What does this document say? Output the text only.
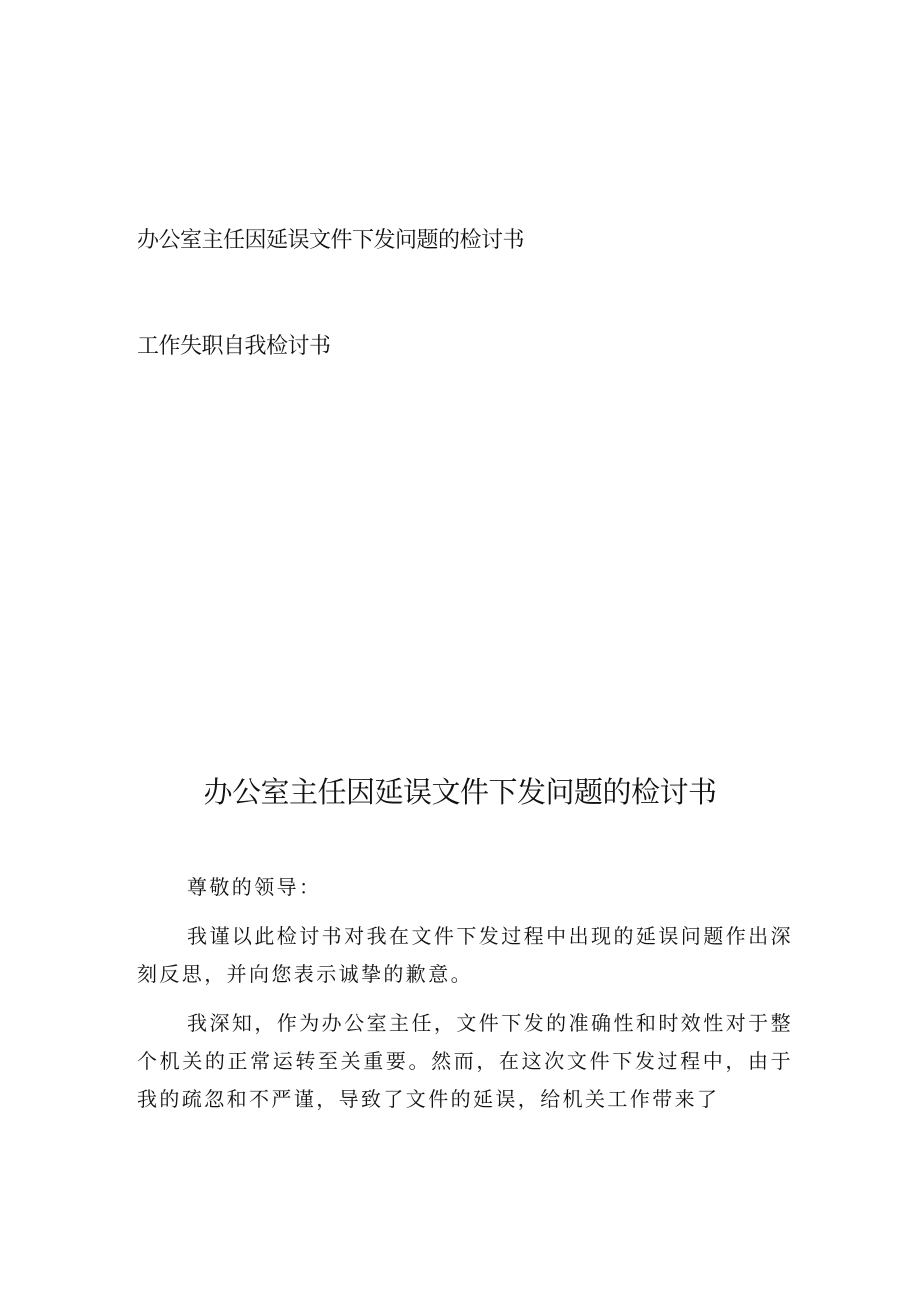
办公室主任因延误文件下发问题的检讨书
工作失职自我检讨书
办公室主任因延误文件下发问题的检讨书

尊敬的领导：

我谨以此检讨书对我在文件下发过程中出现的延误问题作出深刻反思，并向您表示诚挚的歉意。

我深知，作为办公室主任，文件下发的准确性和时效性对于整个机关的正常运转至关重要。然而，在这次文件下发过程中，由于我的疏忽和不严谨，导致了文件的延误，给机关工作带来了
